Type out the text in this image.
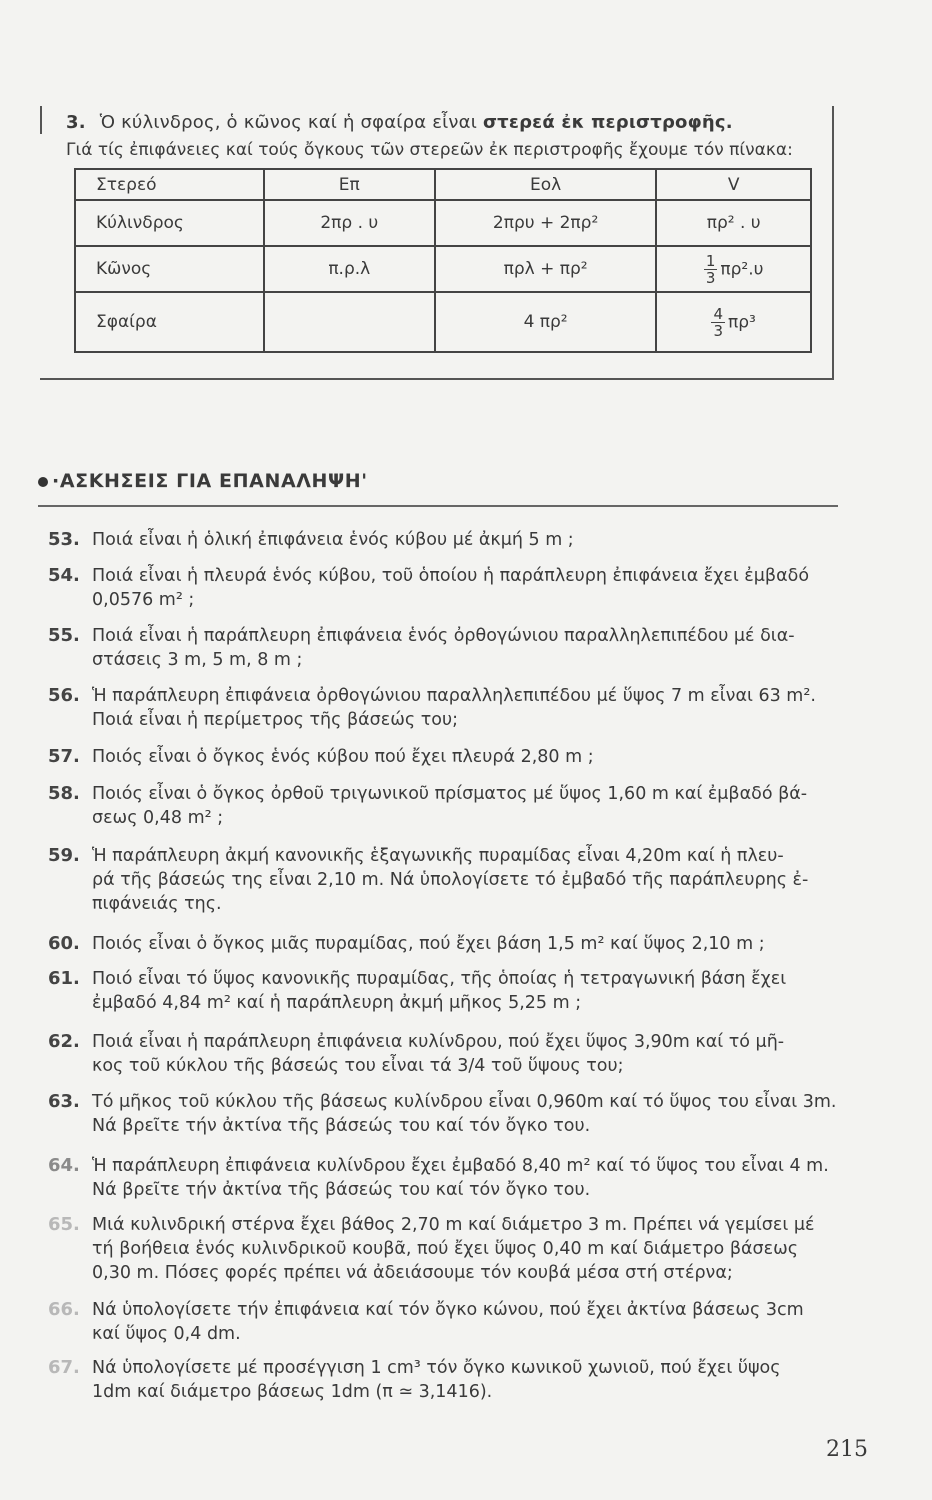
3. Ὁ κύλινδρος, ὁ κῶνος καί ἡ σφαίρα εἶναι στερεά ἐκ περιστροφῆς.
Γιά τίς ἐπιφάνειες καί τούς ὄγκους τῶν στερεῶν ἐκ περιστροφῆς ἔχουμε τόν πίνακα:
Στερεό	Επ	Εολ	V
Κύλινδρος	2πρ . υ	2πρυ + 2πρ²	πρ² . υ
Κῶνος	π.ρ.λ	πρλ + πρ²	$\frac{1}{3} \pi\rho^2.\upsilon$
Σφαίρα		4 πρ²	$\frac{4}{3} \pi\rho^3$
·ΑΣΚΗΣΕΙΣ ΓΙΑ ΕΠΑΝΑΛΗΨΗ'
53. Ποιά εἶναι ἡ ὁλική ἐπιφάνεια ἑνός κύβου μέ ἀκμή 5 m ;
54. Ποιά εἶναι ἡ πλευρά ἑνός κύβου, τοῦ ὁποίου ἡ παράπλευρη ἐπιφάνεια ἔχει ἐμβαδό
0,0576 m² ;
55. Ποιά εἶναι ἡ παράπλευρη ἐπιφάνεια ἑνός ὀρθογώνιου παραλληλεπιπέδου μέ δια-
στάσεις 3 m, 5 m, 8 m ;
56. Ἡ παράπλευρη ἐπιφάνεια ὀρθογώνιου παραλληλεπιπέδου μέ ὕψος 7 m εἶναι 63 m².
Ποιά εἶναι ἡ περίμετρος τῆς βάσεώς του;
57. Ποιός εἶναι ὁ ὄγκος ἑνός κύβου πού ἔχει πλευρά 2,80 m ;
58. Ποιός εἶναι ὁ ὄγκος ὀρθοῦ τριγωνικοῦ πρίσματος μέ ὕψος 1,60 m καί ἐμβαδό βά-
σεως 0,48 m² ;
59. Ἡ παράπλευρη ἀκμή κανονικῆς ἑξαγωνικῆς πυραμίδας εἶναι 4,20m καί ἡ πλευ-
ρά τῆς βάσεώς της εἶναι 2,10 m. Νά ὑπολογίσετε τό ἐμβαδό τῆς παράπλευρης ἐ-
πιφάνειάς της.
60. Ποιός εἶναι ὁ ὄγκος μιᾶς πυραμίδας, πού ἔχει βάση 1,5 m² καί ὕψος 2,10 m ;
61. Ποιό εἶναι τό ὕψος κανονικῆς πυραμίδας, τῆς ὁποίας ἡ τετραγωνική βάση ἔχει
ἐμβαδό 4,84 m² καί ἡ παράπλευρη ἀκμή μῆκος 5,25 m ;
62. Ποιά εἶναι ἡ παράπλευρη ἐπιφάνεια κυλίνδρου, πού ἔχει ὕψος 3,90m καί τό μῆ-
κος τοῦ κύκλου τῆς βάσεώς του εἶναι τά 3/4 τοῦ ὕψους του;
63. Τό μῆκος τοῦ κύκλου τῆς βάσεως κυλίνδρου εἶναι 0,960m καί τό ὕψος του εἶναι 3m.
Νά βρεῖτε τήν ἀκτίνα τῆς βάσεώς του καί τόν ὄγκο του.
64. Ἡ παράπλευρη ἐπιφάνεια κυλίνδρου ἔχει ἐμβαδό 8,40 m² καί τό ὕψος του εἶναι 4 m.
Νά βρεῖτε τήν ἀκτίνα τῆς βάσεώς του καί τόν ὄγκο του.
65. Μιά κυλινδρική στέρνα ἔχει βάθος 2,70 m καί διάμετρο 3 m. Πρέπει νά γεμίσει μέ
τή βοήθεια ἑνός κυλινδρικοῦ κουβᾶ, πού ἔχει ὕψος 0,40 m καί διάμετρο βάσεως
0,30 m. Πόσες φορές πρέπει νά ἀδειάσουμε τόν κουβά μέσα στή στέρνα;
66. Νά ὑπολογίσετε τήν ἐπιφάνεια καί τόν ὄγκο κώνου, πού ἔχει ἀκτίνα βάσεως 3cm
καί ὕψος 0,4 dm.
67. Νά ὑπολογίσετε μέ προσέγγιση 1 cm³ τόν ὄγκο κωνικοῦ χωνιοῦ, πού ἔχει ὕψος
1dm καί διάμετρο βάσεως 1dm (π ≃ 3,1416).
215
